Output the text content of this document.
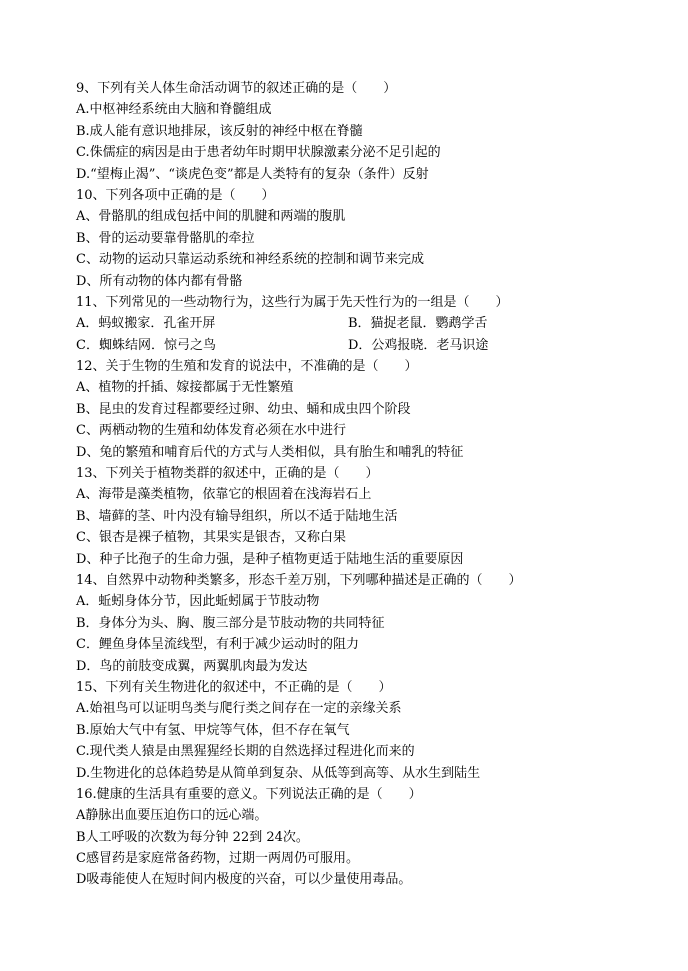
9、下列有关人体生命活动调节的叙述正确的是（　　）
A.中枢神经系统由大脑和脊髓组成
B.成人能有意识地排尿，该反射的神经中枢在脊髓
C.侏儒症的病因是由于患者幼年时期甲状腺激素分泌不足引起的
D.“望梅止渴”、“谈虎色变”都是人类特有的复杂（条件）反射
10、下列各项中正确的是（　　）
A、骨骼肌的组成包括中间的肌腱和两端的腹肌
B、骨的运动要靠骨骼肌的牵拉
C、动物的运动只靠运动系统和神经系统的控制和调节来完成
D、所有动物的体内都有骨骼
11、下列常见的一些动物行为，这些行为属于先天性行为的一组是（　　）
A．蚂蚁搬家．孔雀开屏	B．猫捉老鼠．鹦鹉学舌
C．蜘蛛结网．惊弓之鸟	D．公鸡报晓．老马识途
12、关于生物的生殖和发育的说法中，不准确的是（　　）
A、植物的扦插、嫁接都属于无性繁殖
B、昆虫的发育过程都要经过卵、幼虫、蛹和成虫四个阶段
C、两栖动物的生殖和幼体发育必须在水中进行
D、兔的繁殖和哺育后代的方式与人类相似，具有胎生和哺乳的特征
13、下列关于植物类群的叙述中，正确的是（　　）
A、海带是藻类植物，依靠它的根固着在浅海岩石上
B、墙藓的茎、叶内没有输导组织，所以不适于陆地生活
C、银杏是裸子植物，其果实是银杏，又称白果
D、种子比孢子的生命力强，是种子植物更适于陆地生活的重要原因
14、自然界中动物种类繁多，形态千差万别，下列哪种描述是正确的（　　）
A．蚯蚓身体分节，因此蚯蚓属于节肢动物
B．身体分为头、胸、腹三部分是节肢动物的共同特征
C．鲤鱼身体呈流线型，有利于减少运动时的阻力
D．鸟的前肢变成翼，两翼肌肉最为发达
15、下列有关生物进化的叙述中，不正确的是（　　）
A.始祖鸟可以证明鸟类与爬行类之间存在一定的亲缘关系
B.原始大气中有氢、甲烷等气体，但不存在氧气
C.现代类人猿是由黑猩猩经长期的自然选择过程进化而来的
D.生物进化的总体趋势是从简单到复杂、从低等到高等、从水生到陆生
16.健康的生活具有重要的意义。下列说法正确的是（　　）
A静脉出血要压迫伤口的远心端。
B人工呼吸的次数为每分钟 22到 24次。
C感冒药是家庭常备药物，过期一两周仍可服用。
D吸毒能使人在短时间内极度的兴奋，可以少量使用毒品。
